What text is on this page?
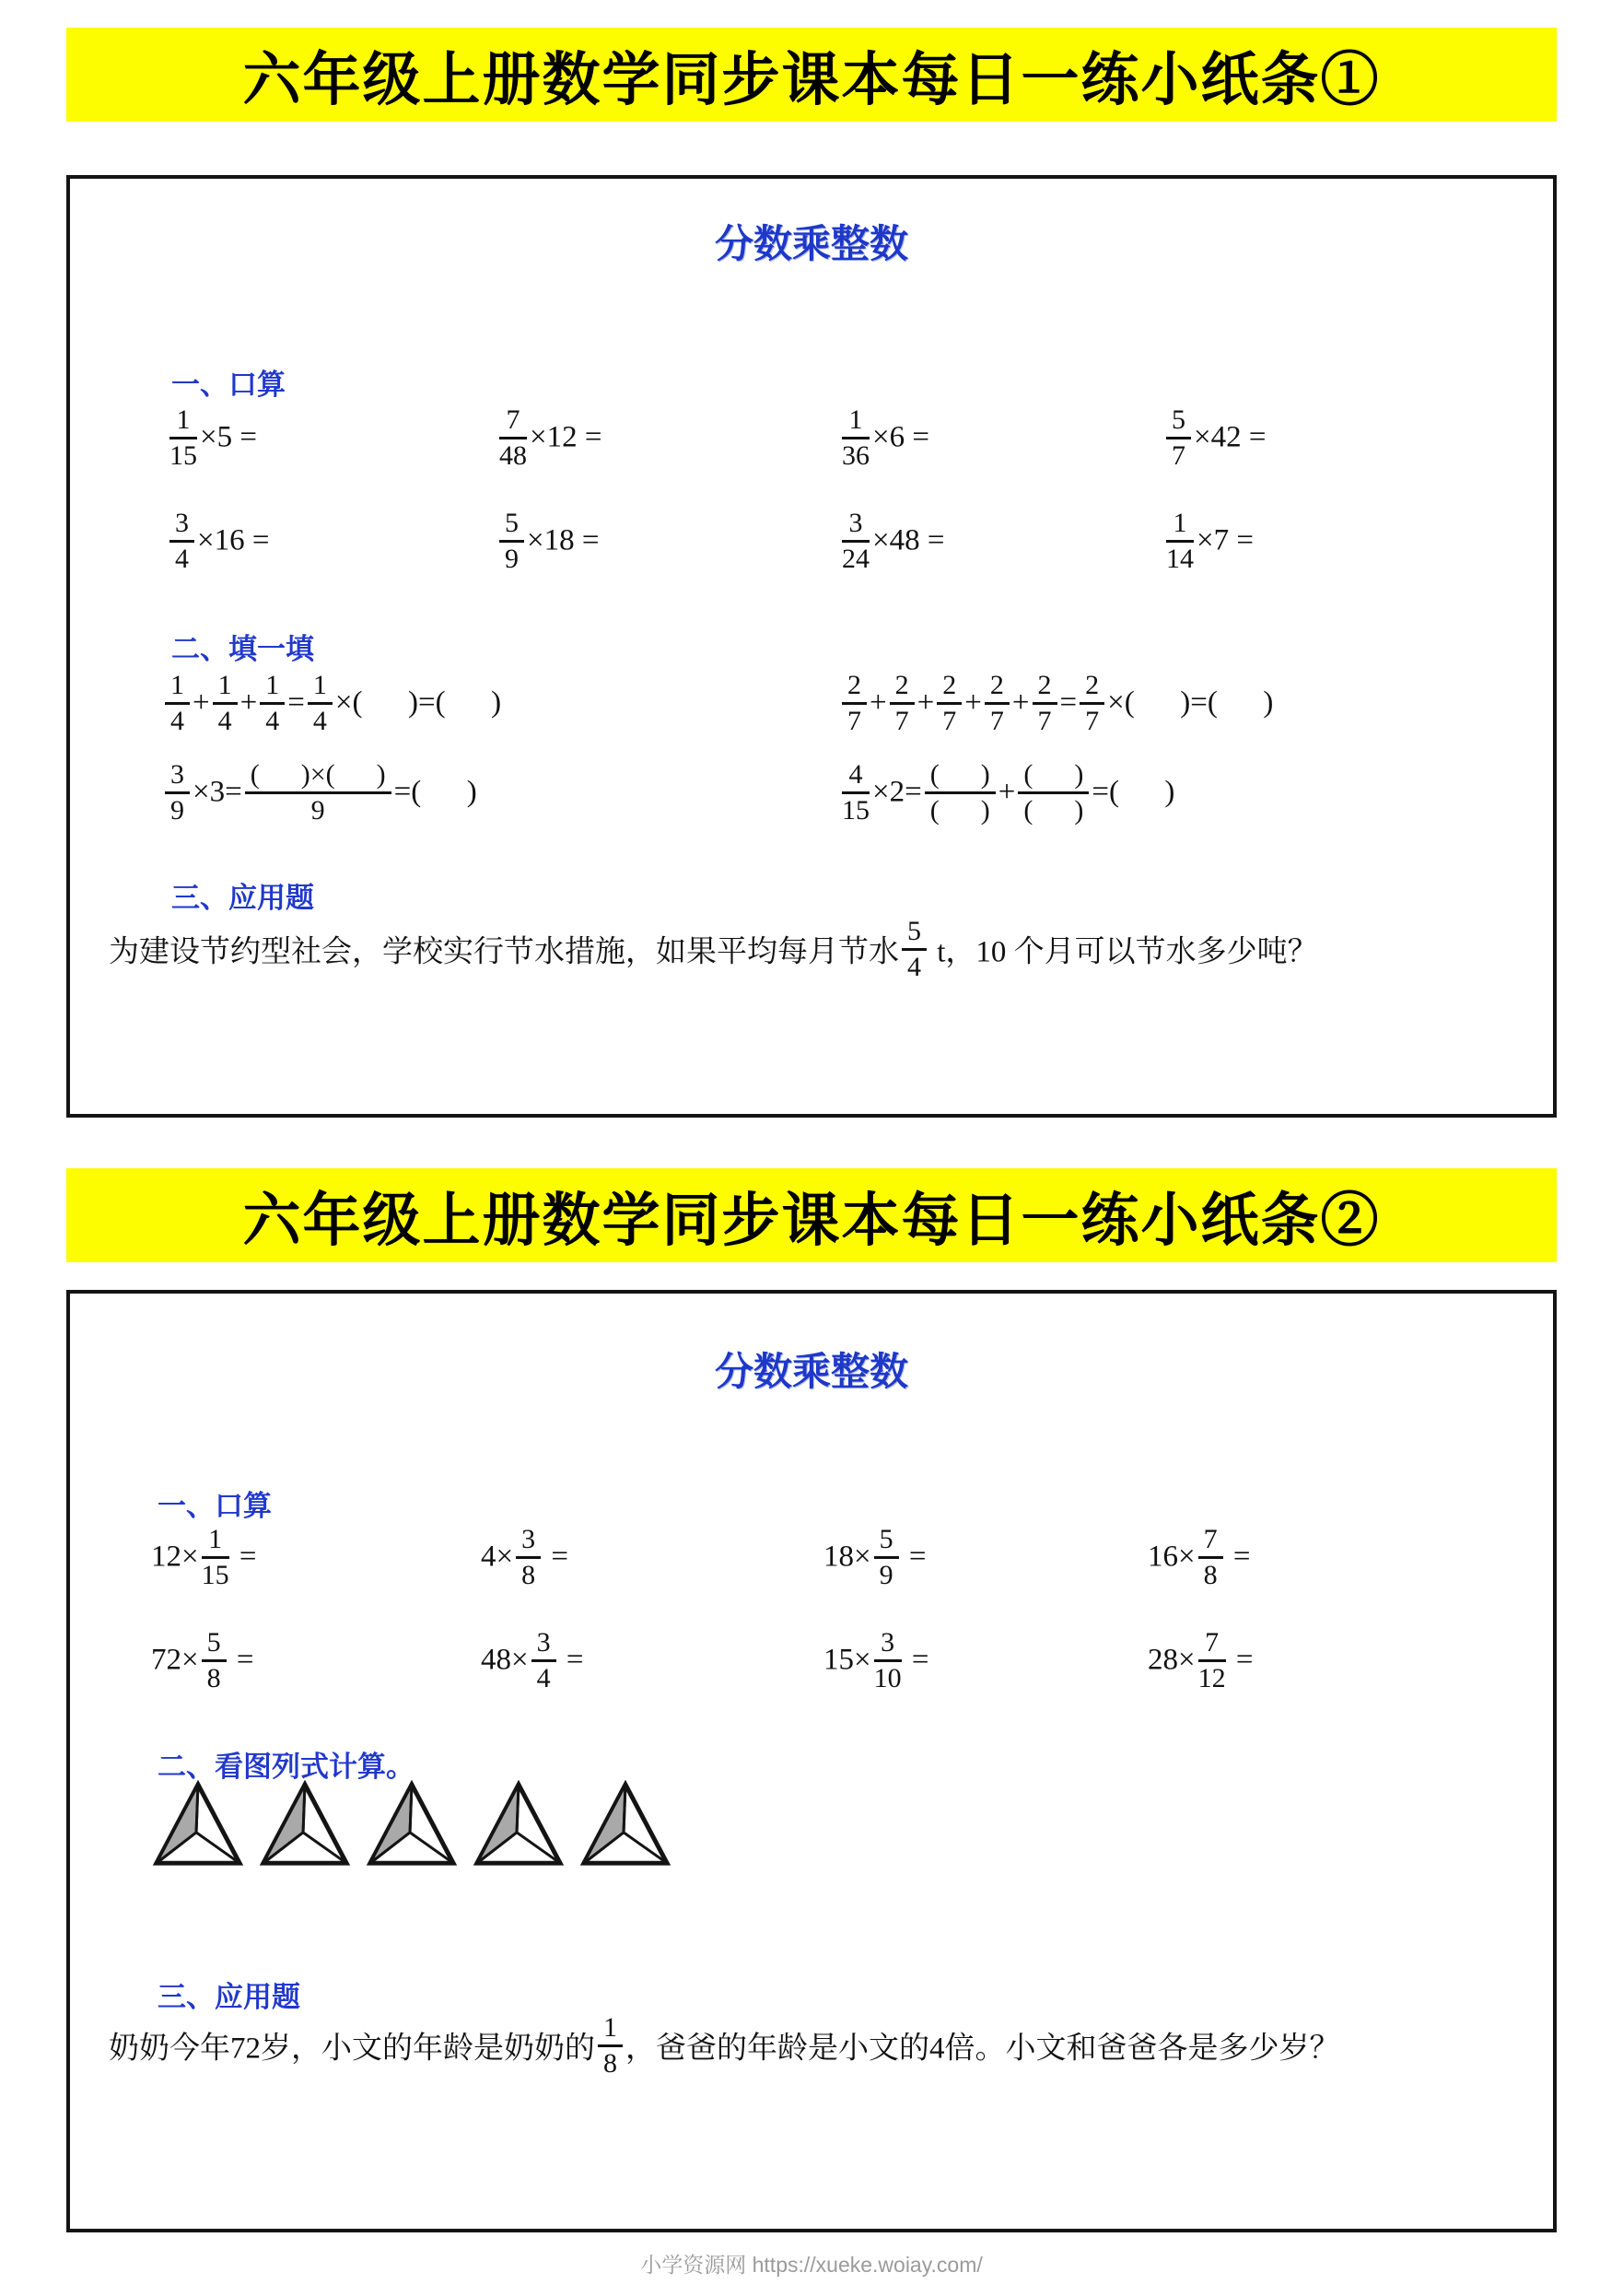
六年级上册数学同步课本每日一练小纸条①
分数乘整数
一、口算
$\frac{1}{15} \times 5$ =	$\frac{7}{48} \times 12$ =	$\frac{1}{36} \times 6$ =	$\frac{5}{7} \times 42$ =
$\frac{3}{4} \times 16$ =	$\frac{5}{9} \times 18$ =	$\frac{3}{24} \times 48$ =	$\frac{1}{14} \times 7$ =
二、填一填
$\frac{1}{4} + \frac{1}{4} + \frac{1}{4} = \frac{1}{4}$ ×(      )=(      )	$\frac{2}{7} + \frac{2}{7} + \frac{2}{7} + \frac{2}{7} + \frac{2}{7} = \frac{2}{7}$ ×(      )=(      )
$\frac{3}{9} \times 3= \frac{( )\times( )}{9}$ =(      )	$\frac{4}{15} \times 2= \frac{( )}{( )} + \frac{( )}{( )}$ =(      )
三、应用题
为建设节约型社会，学校实行节水措施，如果平均每月节水 $\frac{5}{4}$ t，10 个月可以节水多少吨？
六年级上册数学同步课本每日一练小纸条②
分数乘整数
一、口算
$12\times \frac{1}{15}$ =	$4\times \frac{3}{8}$ =	$18\times \frac{5}{9}$ =	$16\times \frac{7}{8}$ =
$72\times \frac{5}{8}$ =	$48\times \frac{3}{4}$ =	$15\times \frac{3}{10}$ =	$28\times \frac{7}{12}$ =
二、看图列式计算。
三、应用题
奶奶今年72岁，小文的年龄是奶奶的 $\frac{1}{8}$ ，爸爸的年龄是小文的4倍。小文和爸爸各是多少岁？
小学资源网 https://xueke.woiay.com/
